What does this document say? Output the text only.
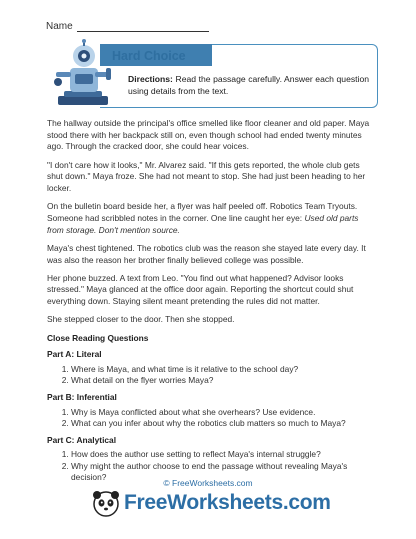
Name
Hard Choice
Directions: Read the passage carefully. Answer each question using details from the text.

The hallway outside the principal's office smelled like floor cleaner and old paper. Maya stood there with her backpack still on, even though school had ended twenty minutes ago. Through the cracked door, she could hear voices.

"I don't care how it looks," Mr. Alvarez said. "If this gets reported, the whole club gets shut down." Maya froze. She had not meant to stop. She had just been heading to her locker.

On the bulletin board beside her, a flyer was half peeled off. Robotics Team Tryouts. Someone had scribbled notes in the corner. One line caught her eye: Used old parts from storage. Don't mention source.

Maya's chest tightened. The robotics club was the reason she stayed late every day. It was also the reason her brother finally believed college was possible.

Her phone buzzed. A text from Leo. "You find out what happened? Advisor looks stressed." Maya glanced at the office door again. Reporting the shortcut could shut everything down. Staying silent meant pretending the rules did not matter.

She stepped closer to the door. Then she stopped.

Close Reading Questions
Part A: Literal
1. Where is Maya, and what time is it relative to the school day?
2. What detail on the flyer worries Maya?
Part B: Inferential
1. Why is Maya conflicted about what she overhears? Use evidence.
2. What can you infer about why the robotics club matters so much to Maya?
Part C: Analytical
1. How does the author use setting to reflect Maya's internal struggle?
2. Why might the author choose to end the passage without revealing Maya's decision?
© FreeWorksheets.com
FreeWorksheets.com
